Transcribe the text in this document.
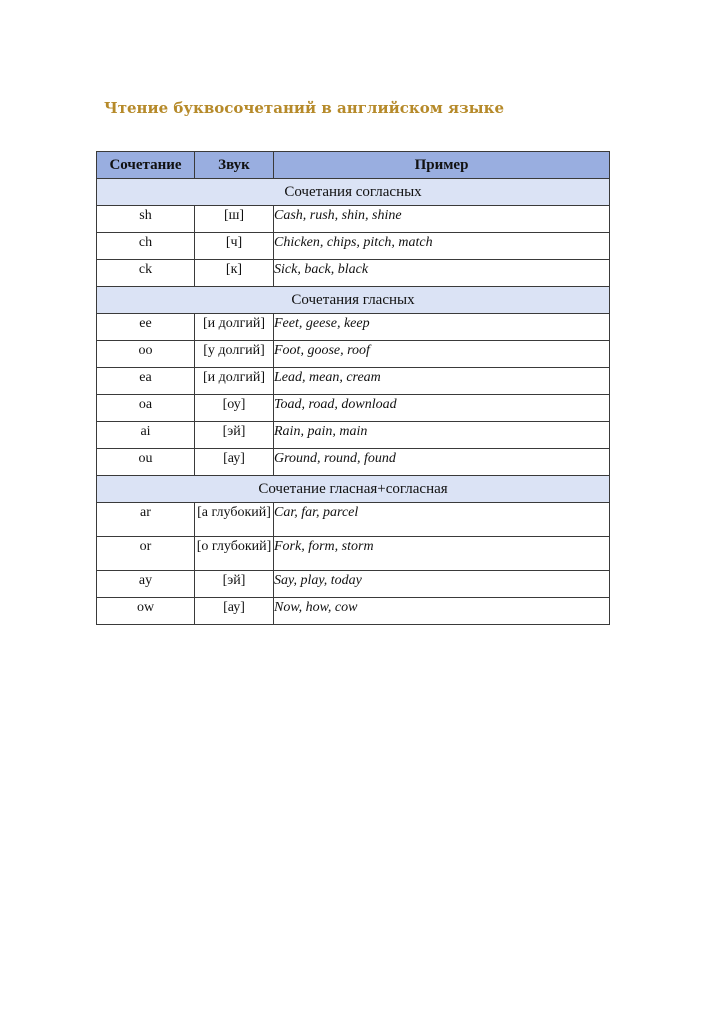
Чтение буквосочетаний в английском языке
Сочетание	Звук	Пример
Сочетания согласных		
sh	[ш]	Cash, rush, shin, shine
ch	[ч]	Chicken, chips, pitch, match
ck	[к]	Sick, back, black
Сочетания гласных		
ee	[и долгий]	Feet, geese, keep
oo	[у долгий]	Foot, goose, roof
ea	[и долгий]	Lead, mean, cream
oa	[оу]	Toad, road, download
ai	[эй]	Rain, pain, main
ou	[ау]	Ground, round, found
Сочетание гласная+согласная		
ar	[а глубокий]	Car, far, parcel
or	[о глубокий]	Fork, form, storm
ay	[эй]	Say, play, today
ow	[ау]	Now, how, cow
